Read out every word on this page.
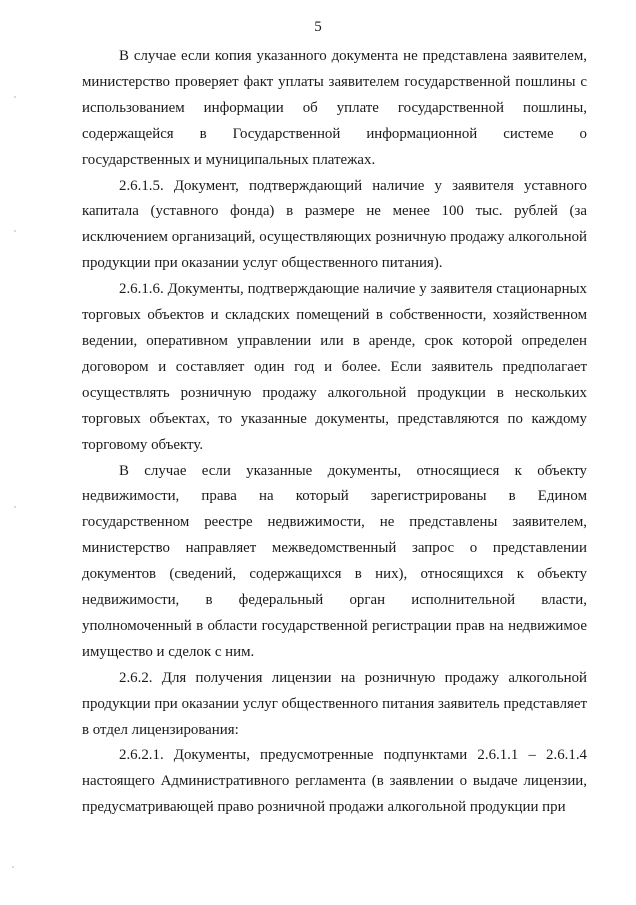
5

В случае если копия указанного документа не представлена заявителем, министерство проверяет факт уплаты заявителем государственной пошлины с использованием информации об уплате государственной пошлины, содержащейся в Государственной информационной системе о государственных и муниципальных платежах.

2.6.1.5. Документ, подтверждающий наличие у заявителя уставного капитала (уставного фонда) в размере не менее 100 тыс. рублей (за исключением организаций, осуществляющих розничную продажу алкогольной продукции при оказании услуг общественного питания).

2.6.1.6. Документы, подтверждающие наличие у заявителя стационарных торговых объектов и складских помещений в собственности, хозяйственном ведении, оперативном управлении или в аренде, срок которой определен договором и составляет один год и более. Если заявитель предполагает осуществлять розничную продажу алкогольной продукции в нескольких торговых объектах, то указанные документы, представляются по каждому торговому объекту.

В случае если указанные документы, относящиеся к объекту недвижимости, права на который зарегистрированы в Едином государственном реестре недвижимости, не представлены заявителем, министерство направляет межведомственный запрос о представлении документов (сведений, содержащихся в них), относящихся к объекту недвижимости, в федеральный орган исполнительной власти, уполномоченный в области государственной регистрации прав на недвижимое имущество и сделок с ним.

2.6.2. Для получения лицензии на розничную продажу алкогольной продукции при оказании услуг общественного питания заявитель представляет в отдел лицензирования:

2.6.2.1. Документы, предусмотренные подпунктами 2.6.1.1 – 2.6.1.4 настоящего Административного регламента (в заявлении о выдаче лицензии, предусматривающей право розничной продажи алкогольной продукции при
